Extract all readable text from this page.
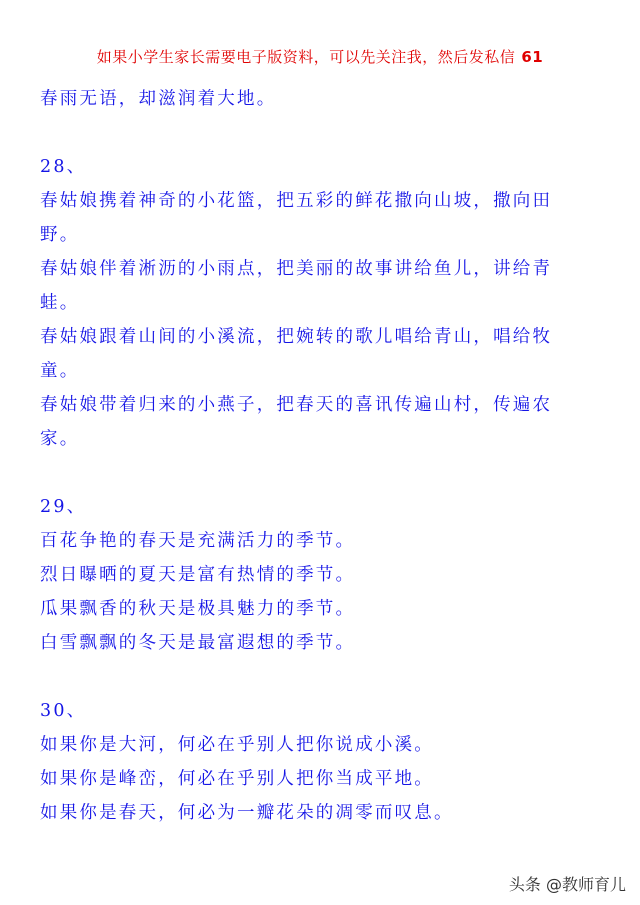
如果小学生家长需要电子版资料，可以先关注我，然后发私信 61
春雨无语，却滋润着大地。
28、
春姑娘携着神奇的小花篮，把五彩的鲜花撒向山坡，撒向田
野。
春姑娘伴着淅沥的小雨点，把美丽的故事讲给鱼儿，讲给青
蛙。
春姑娘跟着山间的小溪流，把婉转的歌儿唱给青山，唱给牧
童。
春姑娘带着归来的小燕子，把春天的喜讯传遍山村，传遍农
家。
29、
百花争艳的春天是充满活力的季节。
烈日曝晒的夏天是富有热情的季节。
瓜果飘香的秋天是极具魅力的季节。
白雪飘飘的冬天是最富遐想的季节。
30、
如果你是大河，何必在乎别人把你说成小溪。
如果你是峰峦，何必在乎别人把你当成平地。
如果你是春天，何必为一瓣花朵的凋零而叹息。
头条 @教师育儿
